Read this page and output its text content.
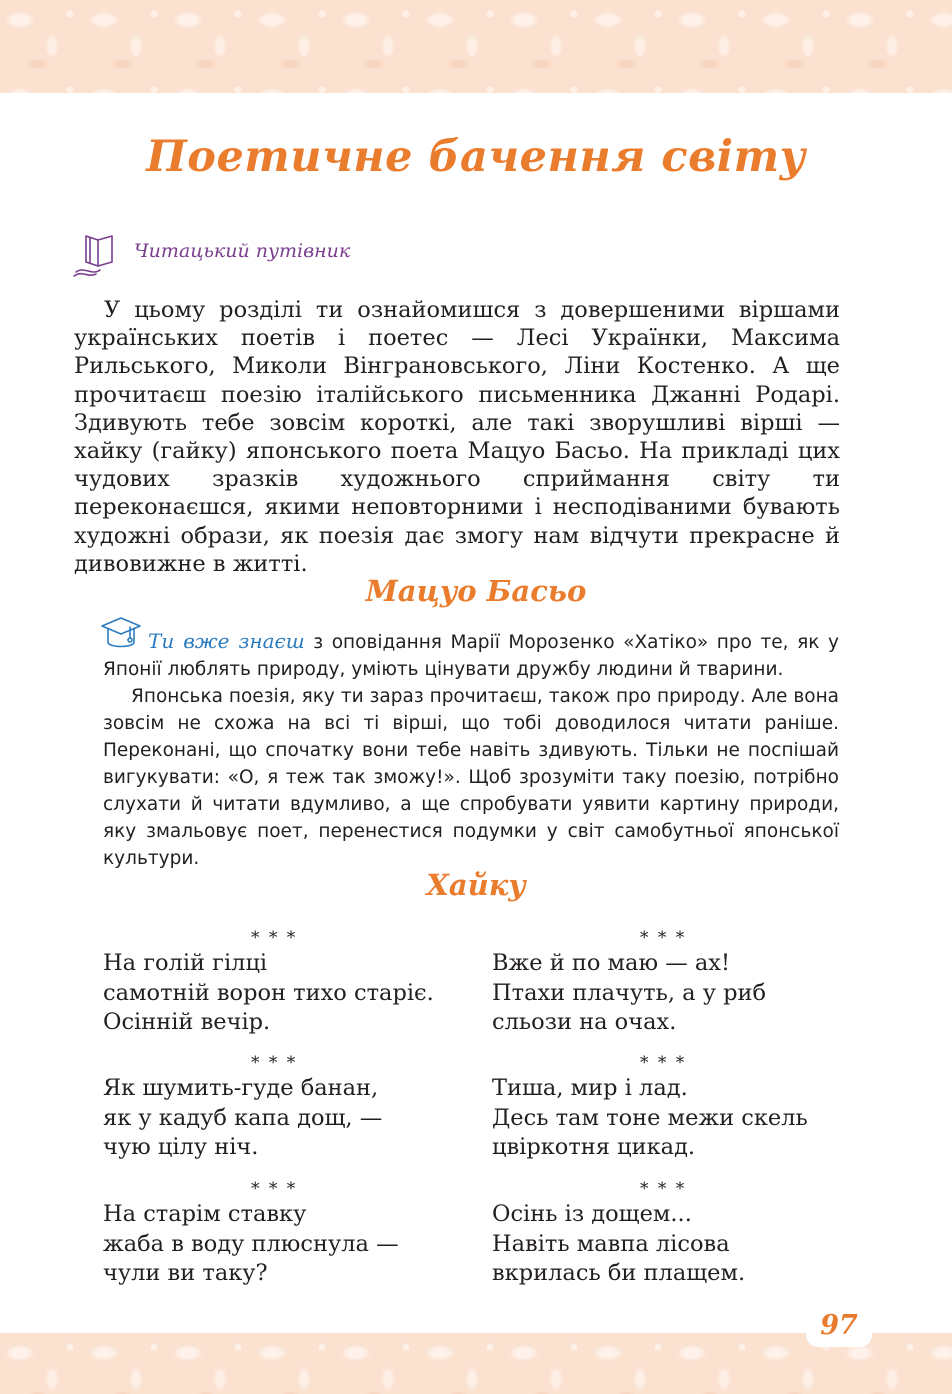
97
Поетичне бачення світу
Читацький путівник

У цьому розділі ти ознайомишся з довершеними віршами українських поетів і поетес — Лесі Українки, Максима Рильського, Миколи Вінграновського, Ліни Костенко. А ще прочитаєш поезію італійського письменника Джанні Родарі. Здивують тебе зовсім короткі, але такі зворушливі вірші — хайку (гайку) японського поета Мацуо Басьо. На прикладі цих чудових зразків художнього сприймання світу ти переконаєшся, якими неповторними і несподіваними бувають художні образи, як поезія дає змогу нам відчути прекрасне й дивовижне в житті.

Мацуо Басьо

Ти вже знаєш з оповідання Марії Морозенко «Хатіко» про те, як у Японії люблять природу, уміють цінувати дружбу людини й тварини.

Японська поезія, яку ти зараз прочитаєш, також про природу. Але вона зовсім не схожа на всі ті вірші, що тобі доводилося читати раніше. Переконані, що спочатку вони тебе навіть здивують. Тільки не поспішай вигукувати: «О, я теж так зможу!». Щоб зрозуміти таку поезію, потрібно слухати й читати вдумливо, а ще спробувати уявити картину природи, яку змальовує поет, перенестися подумки у світ самобутньої японської культури.

Хайку
* * *
На голій гілці
самотній ворон тихо старіє.
Осінній вечір.
* * *
Вже й по маю — ах!
Птахи плачуть, а у риб
сльози на очах.
* * *
Як шумить-гуде банан,
як у кадуб капа дощ, —
чую цілу ніч.
* * *
Тиша, мир і лад.
Десь там тоне межи скель
цвіркотня цикад.
* * *
На старім ставку
жаба в воду плюснула —
чули ви таку?
* * *
Осінь із дощем...
Навіть мавпа лісова
вкрилась би плащем.
